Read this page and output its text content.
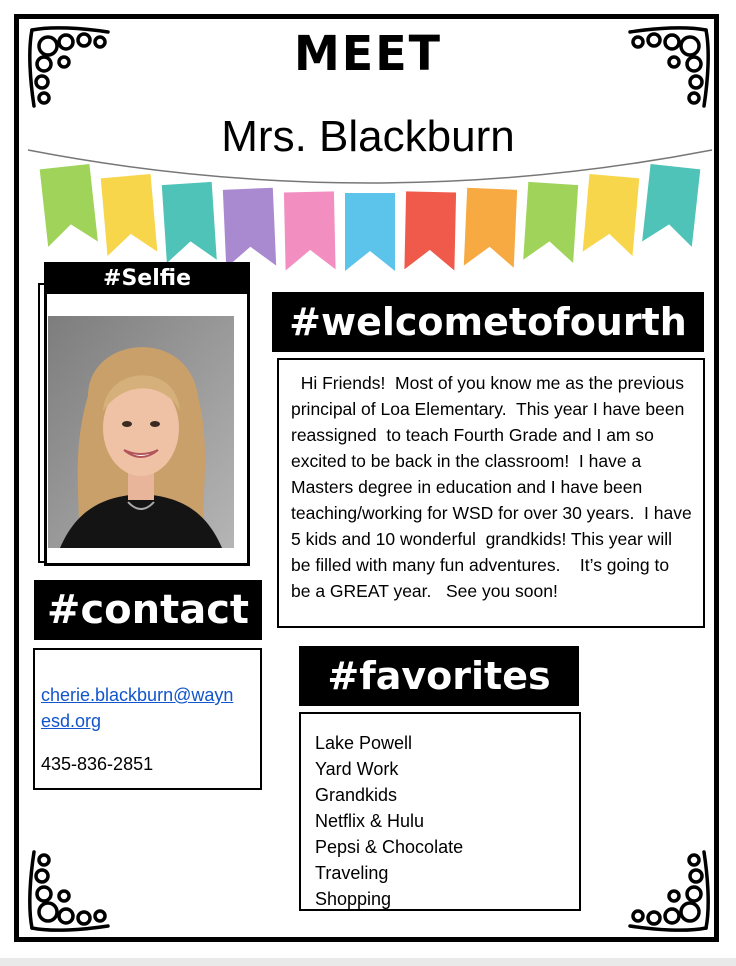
MEET
Mrs. Blackburn
#Selfie
#welcometofourth
Hi Friends!  Most of you know me as the previous principal of Loa Elementary.  This year I have been reassigned  to teach Fourth Grade and I am so excited to be back in the classroom!  I have a Masters degree in education and I have been teaching/working for WSD for over 30 years.  I have 5 kids and 10 wonderful  grandkids! This year will be filled with many fun adventures.    It’s going to be a GREAT year.   See you soon!
#contact
cherie.blackburn@waynesd.org
435-836-2851
#favorites
Lake Powell
Yard Work
Grandkids
Netflix & Hulu
Pepsi & Chocolate
Traveling
Shopping
